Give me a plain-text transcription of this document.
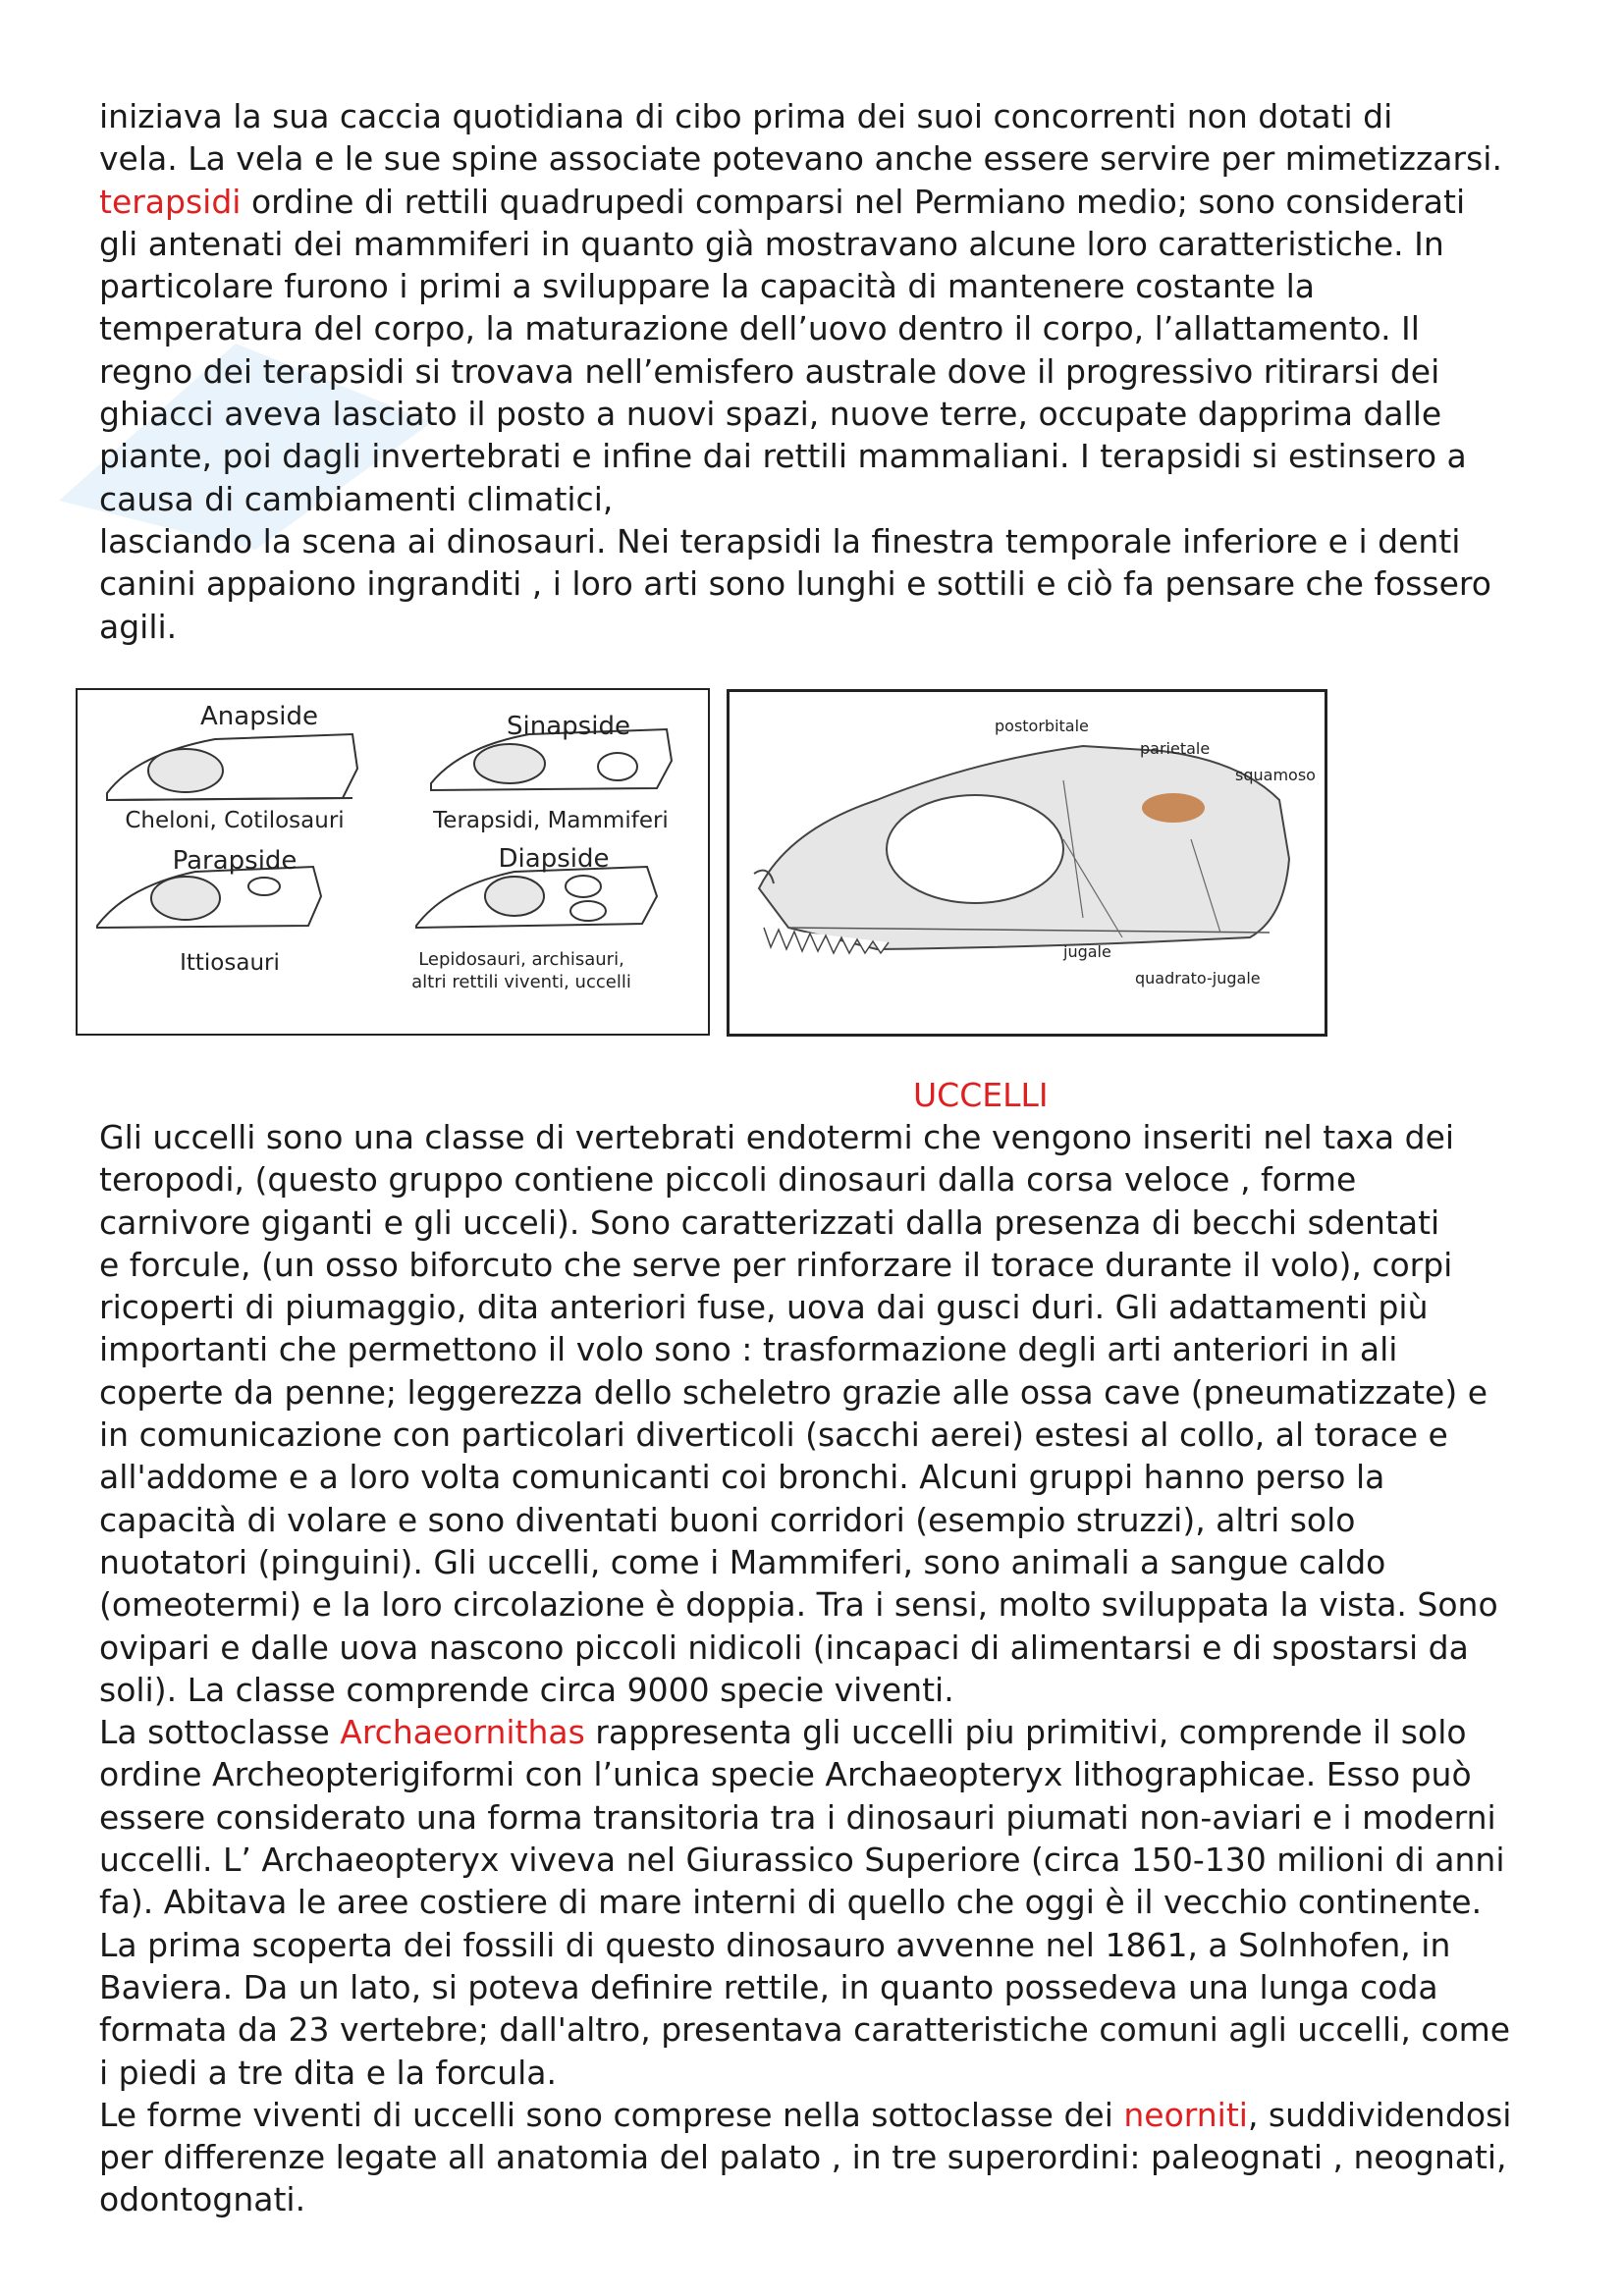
iniziava la sua caccia quotidiana di cibo prima dei suoi concorrenti non dotati di
vela. La vela e le sue spine associate potevano anche essere servire per mimetizzarsi.
terapsidi ordine di rettili quadrupedi comparsi nel Permiano medio; sono considerati
gli antenati dei mammiferi in quanto già mostravano alcune loro caratteristiche. In
particolare furono i primi a sviluppare la capacità di mantenere costante la
temperatura del corpo, la maturazione dell’uovo dentro il corpo, l’allattamento. Il
regno dei terapsidi si trovava nell’emisfero australe dove il progressivo ritirarsi dei
ghiacci aveva lasciato il posto a nuovi spazi, nuove terre, occupate dapprima dalle
piante, poi dagli invertebrati e infine dai rettili mammaliani. I terapsidi si estinsero a
causa di cambiamenti climatici,
lasciando la scena ai dinosauri. Nei terapsidi la finestra temporale inferiore e i denti
canini appaiono ingranditi , i loro arti sono lunghi e sottili e ciò fa pensare che fossero
agili.
Anapside
Cheloni, Cotilosauri
Sinapside
Terapsidi, Mammiferi
Parapside
Ittiosauri
Diapside
Lepidosauri, archisauri,
altri rettili viventi, uccelli
postorbitale
parietale
squamoso
jugale
quadrato-jugale
UCCELLI
Gli uccelli sono una classe di vertebrati endotermi che vengono inseriti nel taxa dei
teropodi, (questo gruppo contiene piccoli dinosauri dalla corsa veloce , forme
carnivore giganti e gli ucceli). Sono caratterizzati dalla presenza di becchi sdentati
e forcule, (un osso biforcuto che serve per rinforzare il torace durante il volo), corpi
ricoperti di piumaggio, dita anteriori fuse, uova dai gusci duri. Gli adattamenti più
importanti che permettono il volo sono : trasformazione degli arti anteriori in ali
coperte da penne; leggerezza dello scheletro grazie alle ossa cave (pneumatizzate) e
in comunicazione con particolari diverticoli (sacchi aerei) estesi al collo, al torace e
all'addome e a loro volta comunicanti coi bronchi. Alcuni gruppi hanno perso la
capacità di volare e sono diventati buoni corridori (esempio struzzi), altri solo
nuotatori (pinguini). Gli uccelli, come i Mammiferi, sono animali a sangue caldo
(omeotermi) e la loro circolazione è doppia. Tra i sensi, molto sviluppata la vista. Sono
ovipari e dalle uova nascono piccoli nidicoli (incapaci di alimentarsi e di spostarsi da
soli). La classe comprende circa 9000 specie viventi.
La sottoclasse Archaeornithas rappresenta gli uccelli piu primitivi, comprende il solo
ordine Archeopterigiformi con l’unica specie Archaeopteryx lithographicae. Esso può
essere considerato una forma transitoria tra i dinosauri piumati non-aviari e i moderni
uccelli. L’ Archaeopteryx viveva nel Giurassico Superiore (circa 150-130 milioni di anni
fa). Abitava le aree costiere di mare interni di quello che oggi è il vecchio continente.
La prima scoperta dei fossili di questo dinosauro avvenne nel 1861, a Solnhofen, in
Baviera. Da un lato, si poteva definire rettile, in quanto possedeva una lunga coda
formata da 23 vertebre; dall'altro, presentava caratteristiche comuni agli uccelli, come
i piedi a tre dita e la forcula.
Le forme viventi di uccelli sono comprese nella sottoclasse dei neorniti, suddividendosi
per differenze legate all anatomia del palato , in tre superordini: paleognati , neognati,
odontognati.
